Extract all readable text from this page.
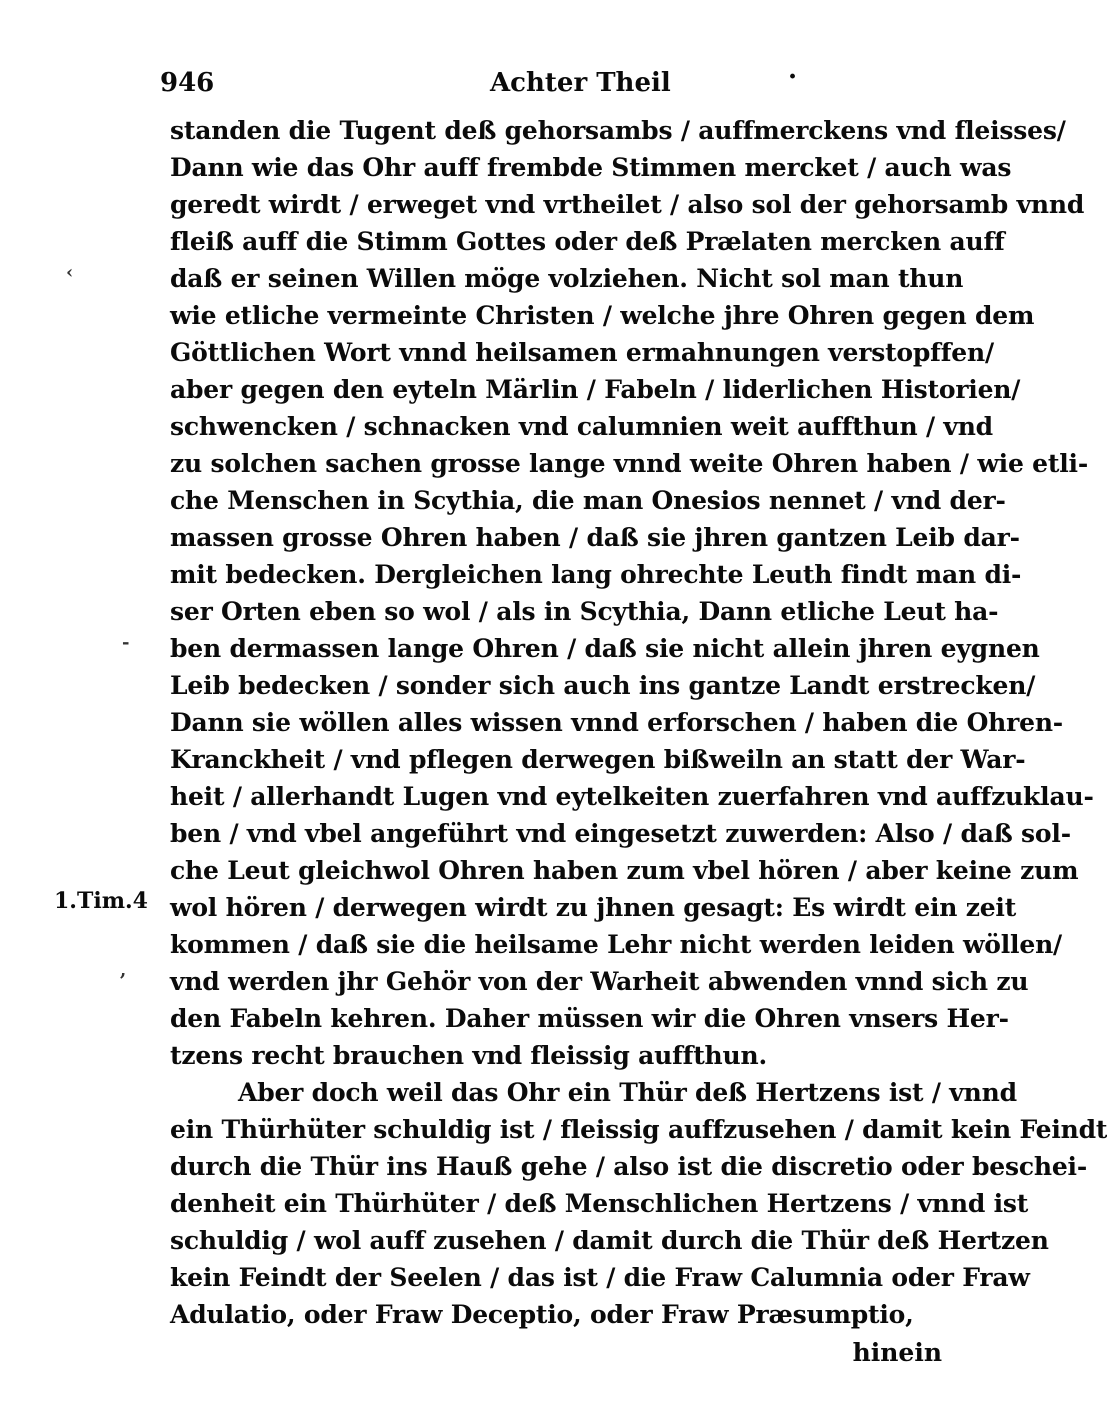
946	Achter Theil	·
‹
-
,
1.Tim.4
standen die Tugent deß gehorsambs / auffmerckens vnd fleisses/
Dann wie das Ohr auff frembde Stimmen mercket / auch was
geredt wirdt / erweget vnd vrtheilet / also sol der gehorsamb vnnd
fleiß auff die Stimm Gottes oder deß Prælaten mercken auff
daß er seinen Willen möge volziehen. Nicht sol man thun
wie etliche vermeinte Christen / welche jhre Ohren gegen dem
Göttlichen Wort vnnd heilsamen ermahnungen verstopffen/
aber gegen den eyteln Märlin / Fabeln / liderlichen Historien/
schwencken / schnacken vnd calumnien weit auffthun / vnd
zu solchen sachen grosse lange vnnd weite Ohren haben / wie etli-
che Menschen in Scythia, die man Onesios nennet / vnd der-
massen grosse Ohren haben / daß sie jhren gantzen Leib dar-
mit bedecken. Dergleichen lang ohrechte Leuth findt man di-
ser Orten eben so wol / als in Scythia, Dann etliche Leut ha-
ben dermassen lange Ohren / daß sie nicht allein jhren eygnen
Leib bedecken / sonder sich auch ins gantze Landt erstrecken/
Dann sie wöllen alles wissen vnnd erforschen / haben die Ohren-
Kranckheit / vnd pflegen derwegen bißweiln an statt der War-
heit / allerhandt Lugen vnd eytelkeiten zuerfahren vnd auffzuklau-
ben / vnd vbel angeführt vnd eingesetzt zuwerden: Also / daß sol-
che Leut gleichwol Ohren haben zum vbel hören / aber keine zum
wol hören / derwegen wirdt zu jhnen gesagt: Es wirdt ein zeit
kommen / daß sie die heilsame Lehr nicht werden leiden wöllen/
vnd werden jhr Gehör von der Warheit abwenden vnnd sich zu
den Fabeln kehren. Daher müssen wir die Ohren vnsers Her-
tzens recht brauchen vnd fleissig auffthun.
Aber doch weil das Ohr ein Thür deß Hertzens ist / vnnd
ein Thürhüter schuldig ist / fleissig auffzusehen / damit kein Feindt
durch die Thür ins Hauß gehe / also ist die discretio oder beschei-
denheit ein Thürhüter / deß Menschlichen Hertzens / vnnd ist
schuldig / wol auff zusehen / damit durch die Thür deß Hertzen
kein Feindt der Seelen / das ist / die Fraw Calumnia oder Fraw
Adulatio, oder Fraw Deceptio, oder Fraw Præsumptio,
hinein
